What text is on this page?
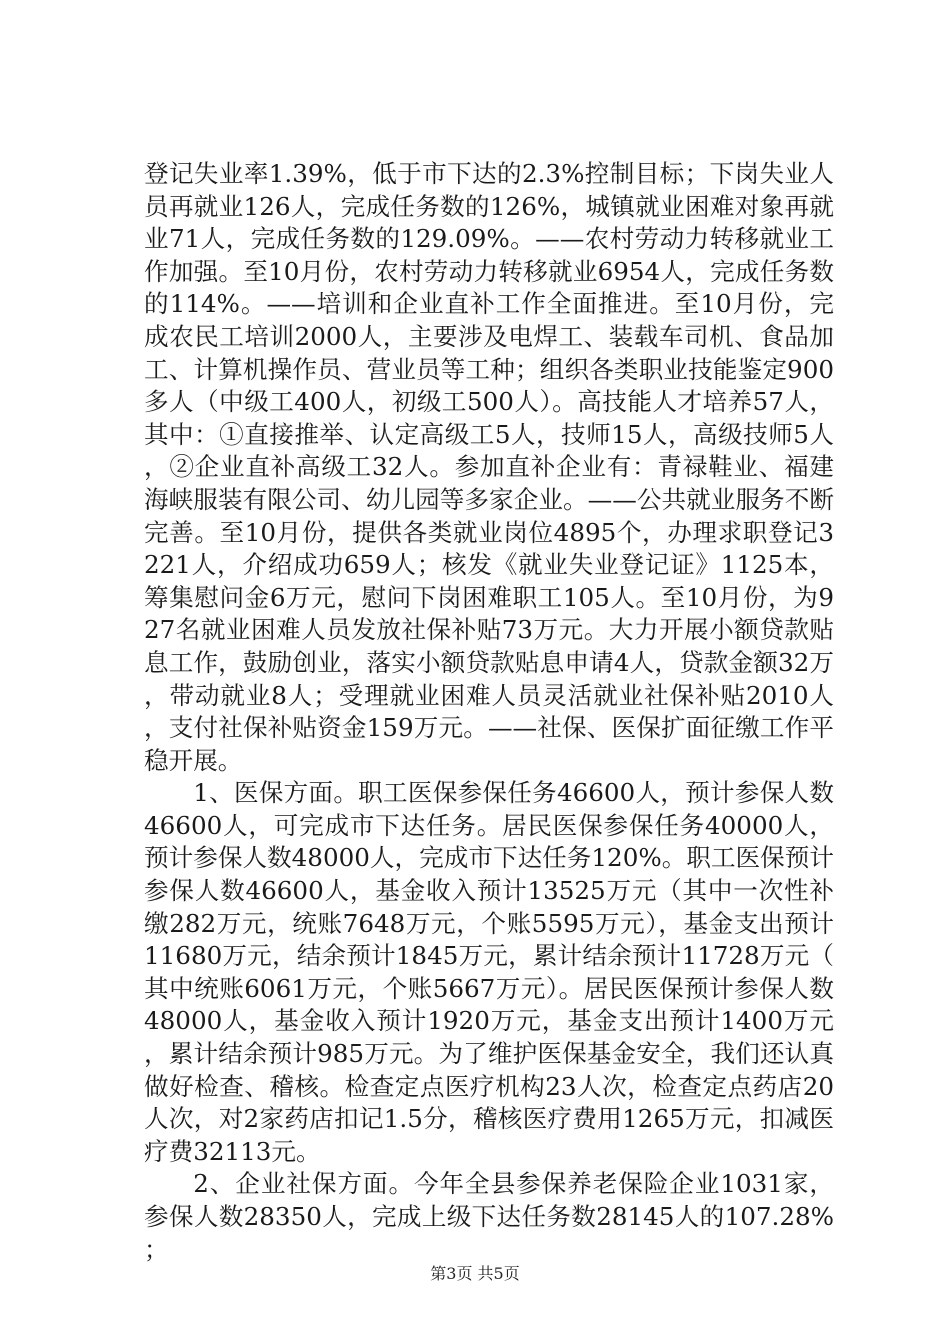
登记失业率1.39%，低于市下达的2.3%控制目标；下岗失业人员再就业126人，完成任务数的126%，城镇就业困难对象再就业71人，完成任务数的129.09%。——农村劳动力转移就业工作加强。至10月份，农村劳动力转移就业6954人，完成任务数的114%。——培训和企业直补工作全面推进。至10月份，完成农民工培训2000人，主要涉及电焊工、装载车司机、食品加工、计算机操作员、营业员等工种；组织各类职业技能鉴定900多人（中级工400人，初级工500人）。高技能人才培养57人，其中：①直接推举、认定高级工5人，技师15人，高级技师5人，②企业直补高级工32人。参加直补企业有：青禄鞋业、福建海峡服装有限公司、幼儿园等多家企业。——公共就业服务不断完善。至10月份，提供各类就业岗位4895个，办理求职登记3221人，介绍成功659人；核发《就业失业登记证》1125本，筹集慰问金6万元，慰问下岗困难职工105人。至10月份，为927名就业困难人员发放社保补贴73万元。大力开展小额贷款贴息工作，鼓励创业，落实小额贷款贴息申请4人，贷款金额32万，带动就业8人；受理就业困难人员灵活就业社保补贴2010人，支付社保补贴资金159万元。——社保、医保扩面征缴工作平稳开展。

1、医保方面。职工医保参保任务46600人，预计参保人数46600人，可完成市下达任务。居民医保参保任务40000人，预计参保人数48000人，完成市下达任务120%。职工医保预计参保人数46600人，基金收入预计13525万元（其中一次性补缴282万元，统账7648万元，个账5595万元），基金支出预计11680万元，结余预计1845万元，累计结余预计11728万元（其中统账6061万元，个账5667万元）。居民医保预计参保人数48000人，基金收入预计1920万元，基金支出预计1400万元，累计结余预计985万元。为了维护医保基金安全，我们还认真做好检查、稽核。检查定点医疗机构23人次，检查定点药店20人次，对2家药店扣记1.5分，稽核医疗费用1265万元，扣减医疗费32113元。

2、企业社保方面。今年全县参保养老保险企业1031家，参保人数28350人，完成上级下达任务数28145人的107.28%；

第3页 共5页
